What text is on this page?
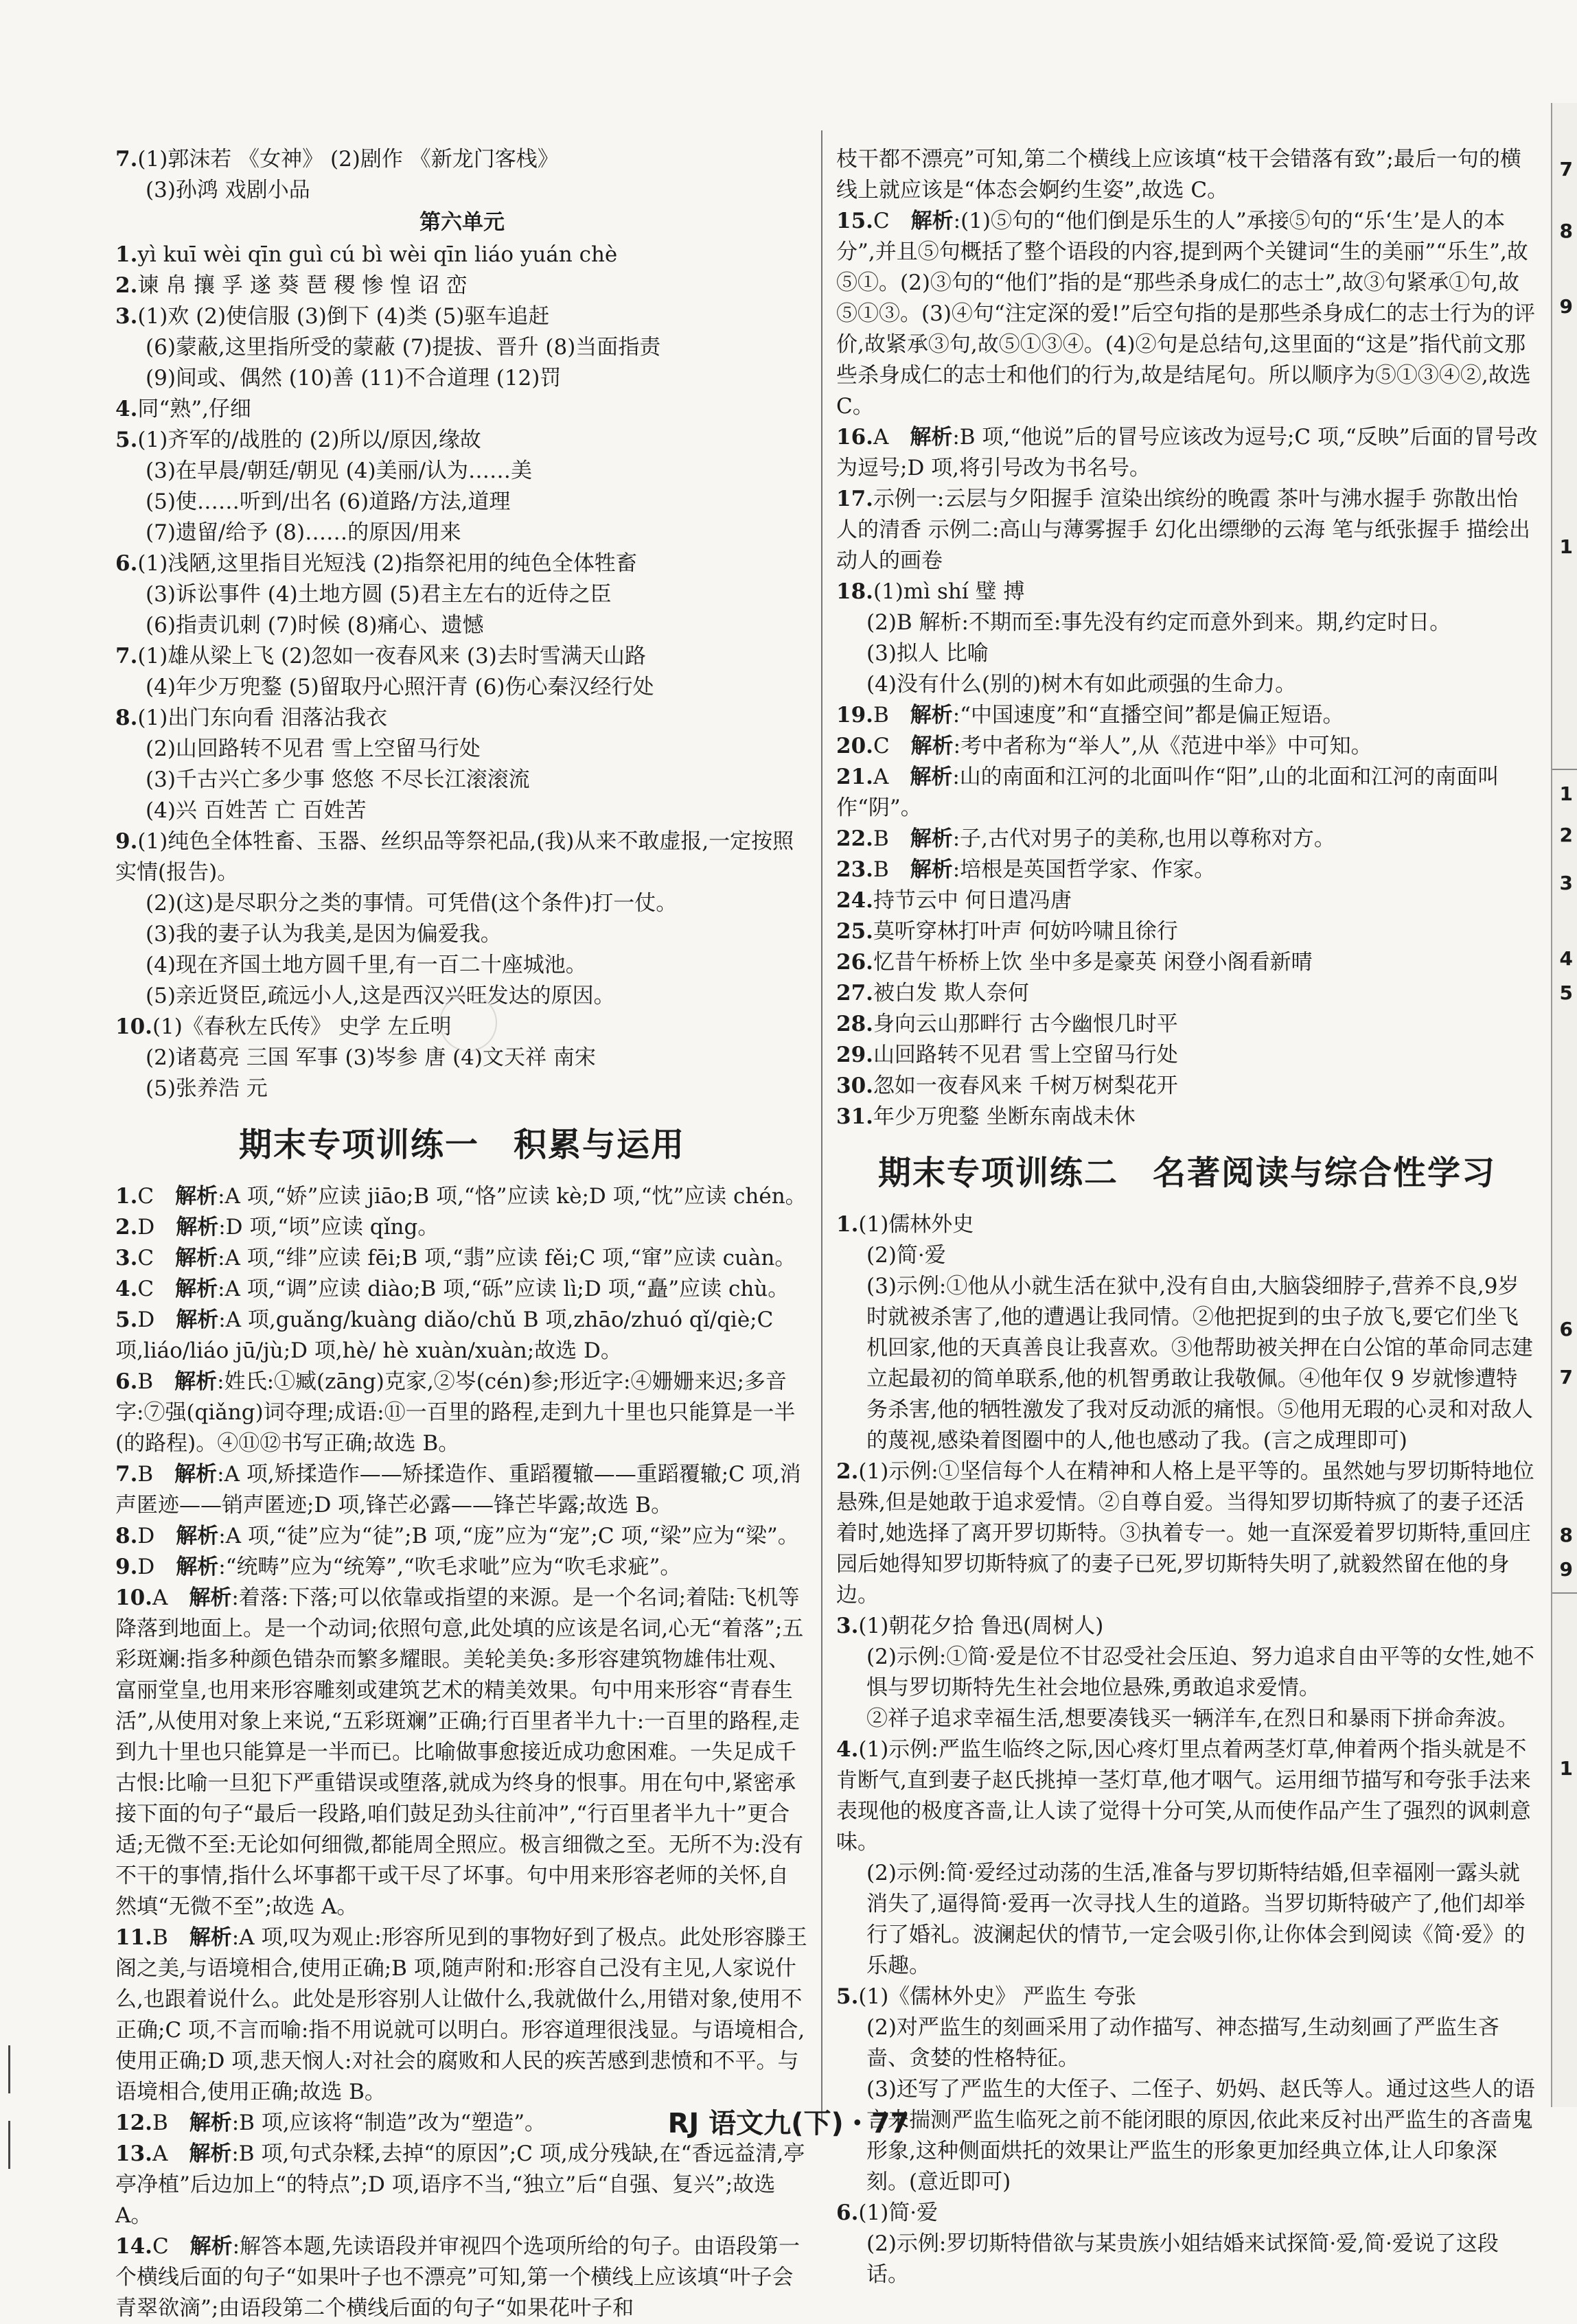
7.(1)郭沫若 《女神》 (2)剧作 《新龙门客栈》

(3)孙鸿 戏剧小品

第六单元

1.yì kuī wèi qīn guì cú bì wèi qīn liáo yuán chè

2.谏 帛 攘 孚 遂 葵 琶 稷 惨 惶 诏 峦

3.(1)欢 (2)使信服 (3)倒下 (4)类 (5)驱车追赶

(6)蒙蔽,这里指所受的蒙蔽 (7)提拔、晋升 (8)当面指责

(9)间或、偶然 (10)善 (11)不合道理 (12)罚

4.同“熟”,仔细

5.(1)齐军的/战胜的 (2)所以/原因,缘故

(3)在早晨/朝廷/朝见 (4)美丽/认为……美

(5)使……听到/出名 (6)道路/方法,道理

(7)遗留/给予 (8)……的原因/用来

6.(1)浅陋,这里指目光短浅 (2)指祭祀用的纯色全体牲畜

(3)诉讼事件 (4)土地方圆 (5)君主左右的近侍之臣

(6)指责讥刺 (7)时候 (8)痛心、遗憾

7.(1)雄从梁上飞 (2)忽如一夜春风来 (3)去时雪满天山路

(4)年少万兜鍪 (5)留取丹心照汗青 (6)伤心秦汉经行处

8.(1)出门东向看 泪落沾我衣

(2)山回路转不见君 雪上空留马行处

(3)千古兴亡多少事 悠悠 不尽长江滚滚流

(4)兴 百姓苦 亡 百姓苦

9.(1)纯色全体牲畜、玉器、丝织品等祭祀品,(我)从来不敢虚报,一定按照实情(报告)。

(2)(这)是尽职分之类的事情。可凭借(这个条件)打一仗。

(3)我的妻子认为我美,是因为偏爱我。

(4)现在齐国土地方圆千里,有一百二十座城池。

(5)亲近贤臣,疏远小人,这是西汉兴旺发达的原因。

10.(1)《春秋左氏传》 史学 左丘明

(2)诸葛亮 三国 军事 (3)岑参 唐 (4)文天祥 南宋

(5)张养浩 元

期末专项训练一　积累与运用

1.C　 解析:A 项,“娇”应读 jiāo;B 项,“恪”应读 kè;D 项,“忱”应读 chén。

2.D　 解析:D 项,“顷”应读 qǐng。

3.C　 解析:A 项,“绯”应读 fēi;B 项,“翡”应读 fěi;C 项,“窜”应读 cuàn。

4.C　 解析:A 项,“调”应读 diào;B 项,“砾”应读 lì;D 项,“矗”应读 chù。

5.D　 解析:A 项,guǎng/kuàng diǎo/chǔ B 项,zhāo/zhuó qǐ/qiè;C 项,liáo/liáo jū/jù;D 项,hè/ hè xuàn/xuàn;故选 D。

6.B　 解析:姓氏:①臧(zāng)克家,②岑(cén)参;形近字:④姗姗来迟;多音字:⑦强(qiǎng)词夺理;成语:⑪一百里的路程,走到九十里也只能算是一半(的路程)。④⑪⑫书写正确;故选 B。

7.B　 解析:A 项,矫揉造作——矫揉造作、重蹈覆辙——重蹈覆辙;C 项,消声匿迹——销声匿迹;D 项,锋芒必露——锋芒毕露;故选 B。

8.D　 解析:A 项,“徒”应为“徒”;B 项,“庞”应为“宠”;C 项,“梁”应为“梁”。

9.D　 解析:“统畴”应为“统筹”,“吹毛求呲”应为“吹毛求疵”。

10.A　 解析:着落:下落;可以依靠或指望的来源。是一个名词;着陆:飞机等降落到地面上。是一个动词;依照句意,此处填的应该是名词,心无“着落”;五彩斑斓:指多种颜色错杂而繁多耀眼。美轮美奂:多形容建筑物雄伟壮观、富丽堂皇,也用来形容雕刻或建筑艺术的精美效果。句中用来形容“青春生活”,从使用对象上来说,“五彩斑斓”正确;行百里者半九十:一百里的路程,走到九十里也只能算是一半而已。比喻做事愈接近成功愈困难。一失足成千古恨:比喻一旦犯下严重错误或堕落,就成为终身的恨事。用在句中,紧密承接下面的句子“最后一段路,咱们鼓足劲头往前冲”,“行百里者半九十”更合适;无微不至:无论如何细微,都能周全照应。极言细微之至。无所不为:没有不干的事情,指什么坏事都干或干尽了坏事。句中用来形容老师的关怀,自然填“无微不至”;故选 A。

11.B　 解析:A 项,叹为观止:形容所见到的事物好到了极点。此处形容滕王阁之美,与语境相合,使用正确;B 项,随声附和:形容自己没有主见,人家说什么,也跟着说什么。此处是形容别人让做什么,我就做什么,用错对象,使用不正确;C 项,不言而喻:指不用说就可以明白。形容道理很浅显。与语境相合,使用正确;D 项,悲天悯人:对社会的腐败和人民的疾苦感到悲愤和不平。与语境相合,使用正确;故选 B。

12.B　 解析:B 项,应该将“制造”改为“塑造”。

13.A　 解析:B 项,句式杂糅,去掉“的原因”;C 项,成分残缺,在“香远益清,亭亭净植”后边加上“的特点”;D 项,语序不当,“独立”后“自强、复兴”;故选 A。

14.C　 解析:解答本题,先读语段并审视四个选项所给的句子。由语段第一个横线后面的句子“如果叶子也不漂亮”可知,第一个横线上应该填“叶子会青翠欲滴”;由语段第二个横线后面的句子“如果花叶子和

枝干都不漂亮”可知,第二个横线上应该填“枝干会错落有致”;最后一句的横线上就应该是“体态会婀约生姿”,故选 C。

15.C　 解析:(1)⑤句的“他们倒是乐生的人”承接⑤句的“乐‘生’是人的本分”,并且⑤句概括了整个语段的内容,提到两个关键词“生的美丽”“乐生”,故⑤①。(2)③句的“他们”指的是“那些杀身成仁的志士”,故③句紧承①句,故⑤①③。(3)④句“注定深的爱!”后空句指的是那些杀身成仁的志士行为的评价,故紧承③句,故⑤①③④。(4)②句是总结句,这里面的“这是”指代前文那些杀身成仁的志士和他们的行为,故是结尾句。所以顺序为⑤①③④②,故选 C。

16.A　 解析:B 项,“他说”后的冒号应该改为逗号;C 项,“反映”后面的冒号改为逗号;D 项,将引号改为书名号。

17.示例一:云层与夕阳握手 渲染出缤纷的晚霞 茶叶与沸水握手 弥散出怡人的清香 示例二:高山与薄雾握手 幻化出缥缈的云海 笔与纸张握手 描绘出动人的画卷

18.(1)mì shí 璧 搏

(2)B 解析:不期而至:事先没有约定而意外到来。期,约定时日。

(3)拟人 比喻

(4)没有什么(别的)树木有如此顽强的生命力。

19.B　 解析:“中国速度”和“直播空间”都是偏正短语。

20.C　 解析:考中者称为“举人”,从《范进中举》中可知。

21.A　 解析:山的南面和江河的北面叫作“阳”,山的北面和江河的南面叫作“阴”。

22.B　 解析:子,古代对男子的美称,也用以尊称对方。

23.B　 解析:培根是英国哲学家、作家。

24.持节云中 何日遣冯唐

25.莫听穿林打叶声 何妨吟啸且徐行

26.忆昔午桥桥上饮 坐中多是豪英 闲登小阁看新晴

27.被白发 欺人奈何

28.身向云山那畔行 古今幽恨几时平

29.山回路转不见君 雪上空留马行处

30.忽如一夜春风来 千树万树梨花开

31.年少万兜鍪 坐断东南战未休

期末专项训练二　名著阅读与综合性学习

1.(1)儒林外史

(2)简·爱

(3)示例:①他从小就生活在狱中,没有自由,大脑袋细脖子,营养不良,9岁时就被杀害了,他的遭遇让我同情。②他把捉到的虫子放飞,要它们坐飞机回家,他的天真善良让我喜欢。③他帮助被关押在白公馆的革命同志建立起最初的简单联系,他的机智勇敢让我敬佩。④他年仅 9 岁就惨遭特务杀害,他的牺牲激发了我对反动派的痛恨。⑤他用无瑕的心灵和对敌人的蔑视,感染着图圈中的人,他也感动了我。(言之成理即可)

2.(1)示例:①坚信每个人在精神和人格上是平等的。虽然她与罗切斯特地位悬殊,但是她敢于追求爱情。②自尊自爱。当得知罗切斯特疯了的妻子还活着时,她选择了离开罗切斯特。③执着专一。她一直深爱着罗切斯特,重回庄园后她得知罗切斯特疯了的妻子已死,罗切斯特失明了,就毅然留在他的身边。

3.(1)朝花夕拾 鲁迅(周树人)

(2)示例:①简·爱是位不甘忍受社会压迫、努力追求自由平等的女性,她不惧与罗切斯特先生社会地位悬殊,勇敢追求爱情。

②祥子追求幸福生活,想要凑钱买一辆洋车,在烈日和暴雨下拼命奔波。

4.(1)示例:严监生临终之际,因心疼灯里点着两茎灯草,伸着两个指头就是不肯断气,直到妻子赵氏挑掉一茎灯草,他才咽气。运用细节描写和夸张手法来表现他的极度吝啬,让人读了觉得十分可笑,从而使作品产生了强烈的讽刺意味。

(2)示例:简·爱经过动荡的生活,准备与罗切斯特结婚,但幸福刚一露头就消失了,逼得简·爱再一次寻找人生的道路。当罗切斯特破产了,他们却举行了婚礼。波澜起伏的情节,一定会吸引你,让你体会到阅读《简·爱》的乐趣。

5.(1)《儒林外史》 严监生 夸张

(2)对严监生的刻画采用了动作描写、神态描写,生动刻画了严监生吝啬、贪婪的性格特征。

(3)还写了严监生的大侄子、二侄子、奶妈、赵氏等人。通过这些人的语言来揣测严监生临死之前不能闭眼的原因,依此来反衬出严监生的吝啬鬼形象,这种侧面烘托的效果让严监生的形象更加经典立体,让人印象深刻。(意近即可)

6.(1)简·爱

(2)示例:罗切斯特借欲与某贵族小姐结婚来试探简·爱,简·爱说了这段话。

7
8
9
1
1
2
3
4
5
6
7
8
9
1
RJ 语文九(下)・77
